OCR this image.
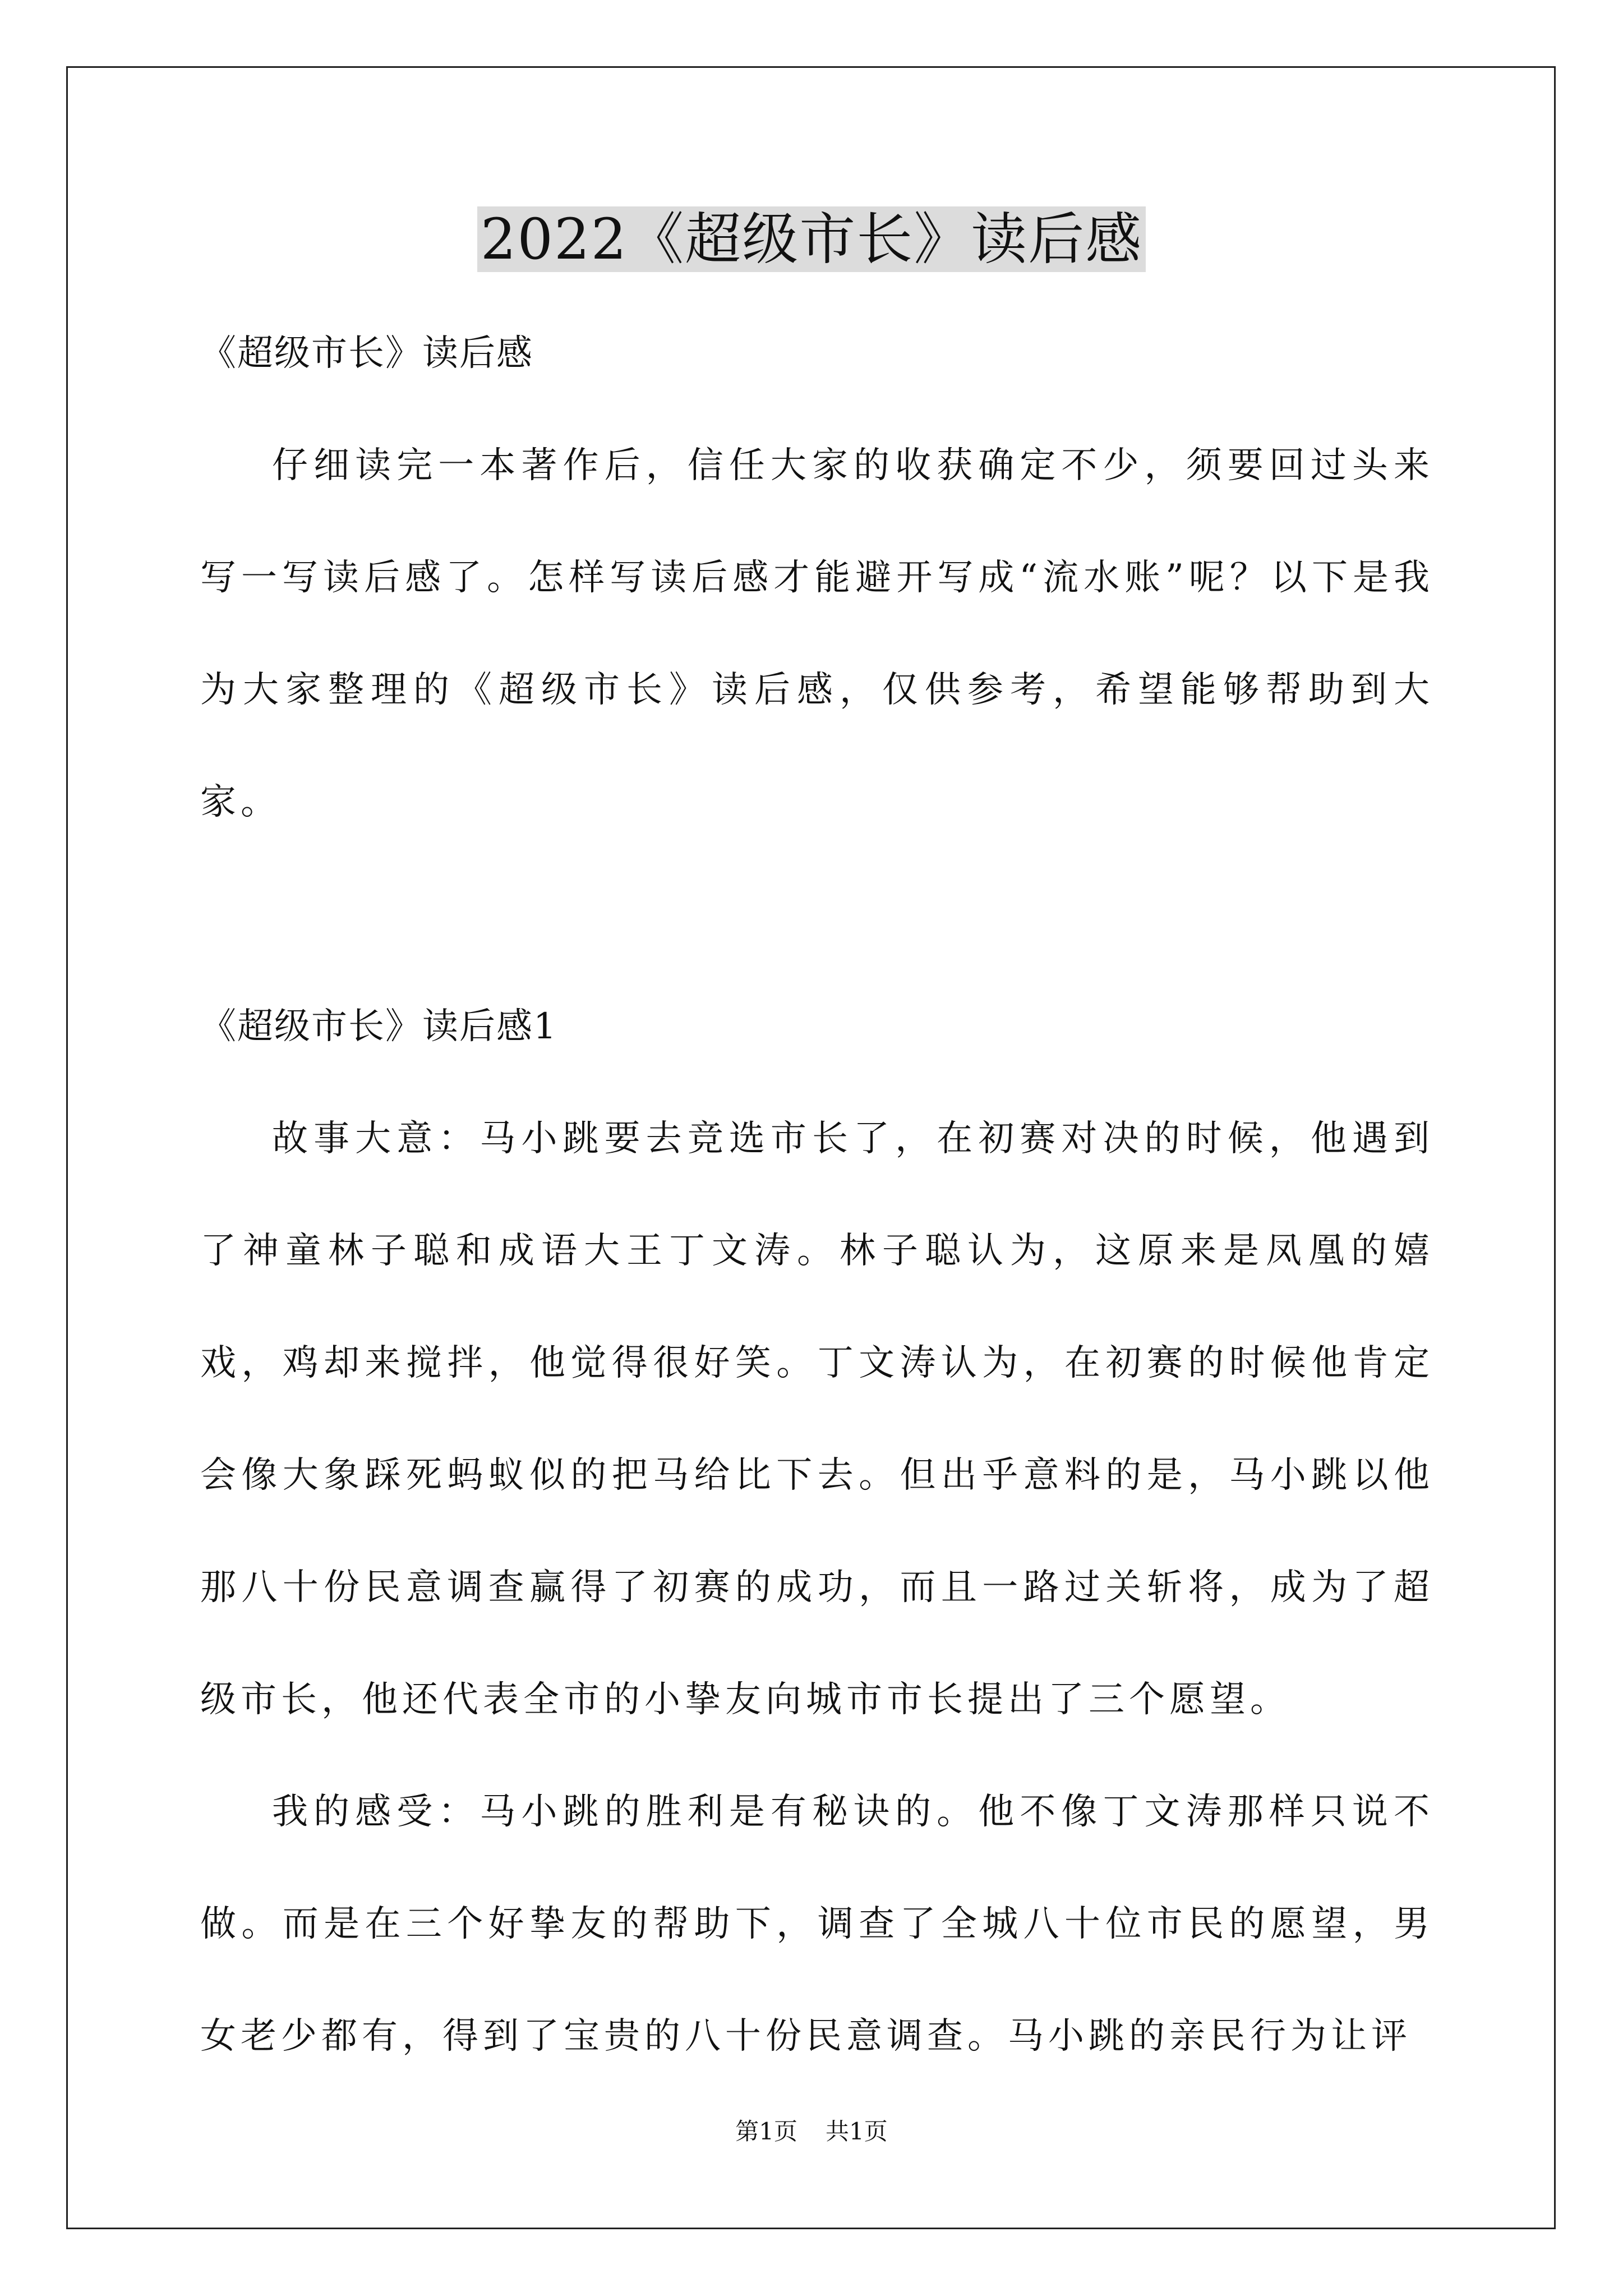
2022《超级市长》读后感

《超级市长》读后感

仔细读完一本著作后，信任大家的收获确定不少，须要回过头来写一写读后感了。怎样写读后感才能避开写成“流水账”呢？以下是我为大家整理的《超级市长》读后感，仅供参考，希望能够帮助到大家。

《超级市长》读后感1

故事大意：马小跳要去竞选市长了，在初赛对决的时候，他遇到了神童林子聪和成语大王丁文涛。林子聪认为，这原来是凤凰的嬉戏，鸡却来搅拌，他觉得很好笑。丁文涛认为，在初赛的时候他肯定会像大象踩死蚂蚁似的把马给比下去。但出乎意料的是，马小跳以他那八十份民意调查赢得了初赛的成功，而且一路过关斩将，成为了超级市长，他还代表全市的小挚友向城市市长提出了三个愿望。

我的感受：马小跳的胜利是有秘诀的。他不像丁文涛那样只说不做。而是在三个好挚友的帮助下，调查了全城八十位市民的愿望，男女老少都有，得到了宝贵的八十份民意调查。马小跳的亲民行为让评

第1页 共1页
